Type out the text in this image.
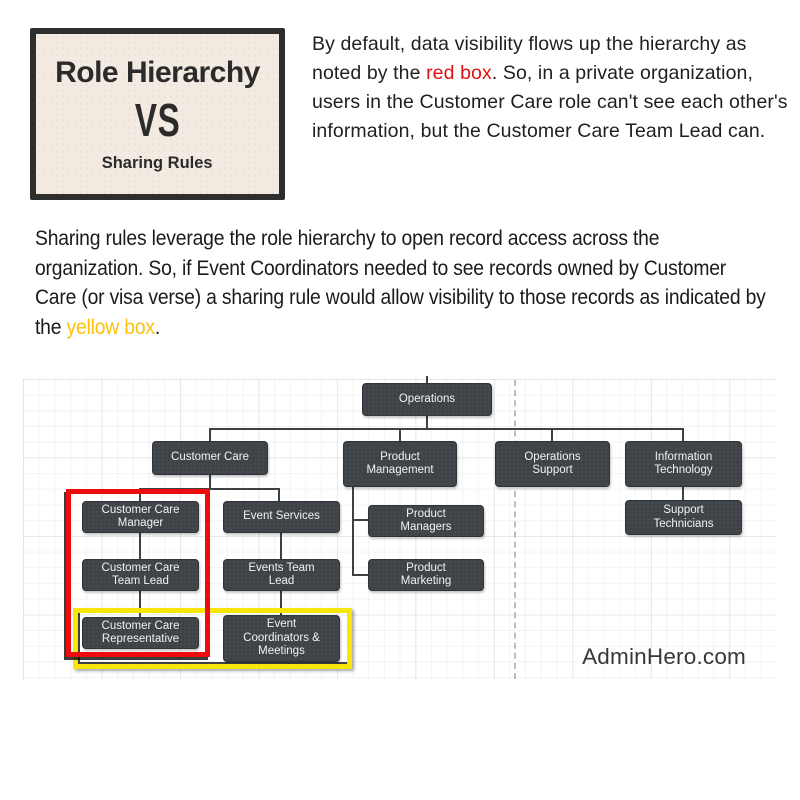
Role Hierarchy
VS
Sharing Rules
By default, data visibility flows up the hierarchy as noted by the red box. So, in a private organization, users in the Customer Care role can't see each other's information, but the Customer Care Team Lead can.
Sharing rules leverage the role hierarchy to open record access across the organization. So, if Event Coordinators needed to see records owned by Customer Care (or visa verse) a sharing rule would allow visibility to those records as indicated by the yellow box.
Operations
Customer Care	Product Management
Operations Support
Information Technology
Customer Care Manager
Event Services
Customer Care Team Lead
Events Team Lead
Customer Care Representative
Event Coordinators & Meetings
Product Managers
Product Marketing
Support Technicians
AdminHero.com
